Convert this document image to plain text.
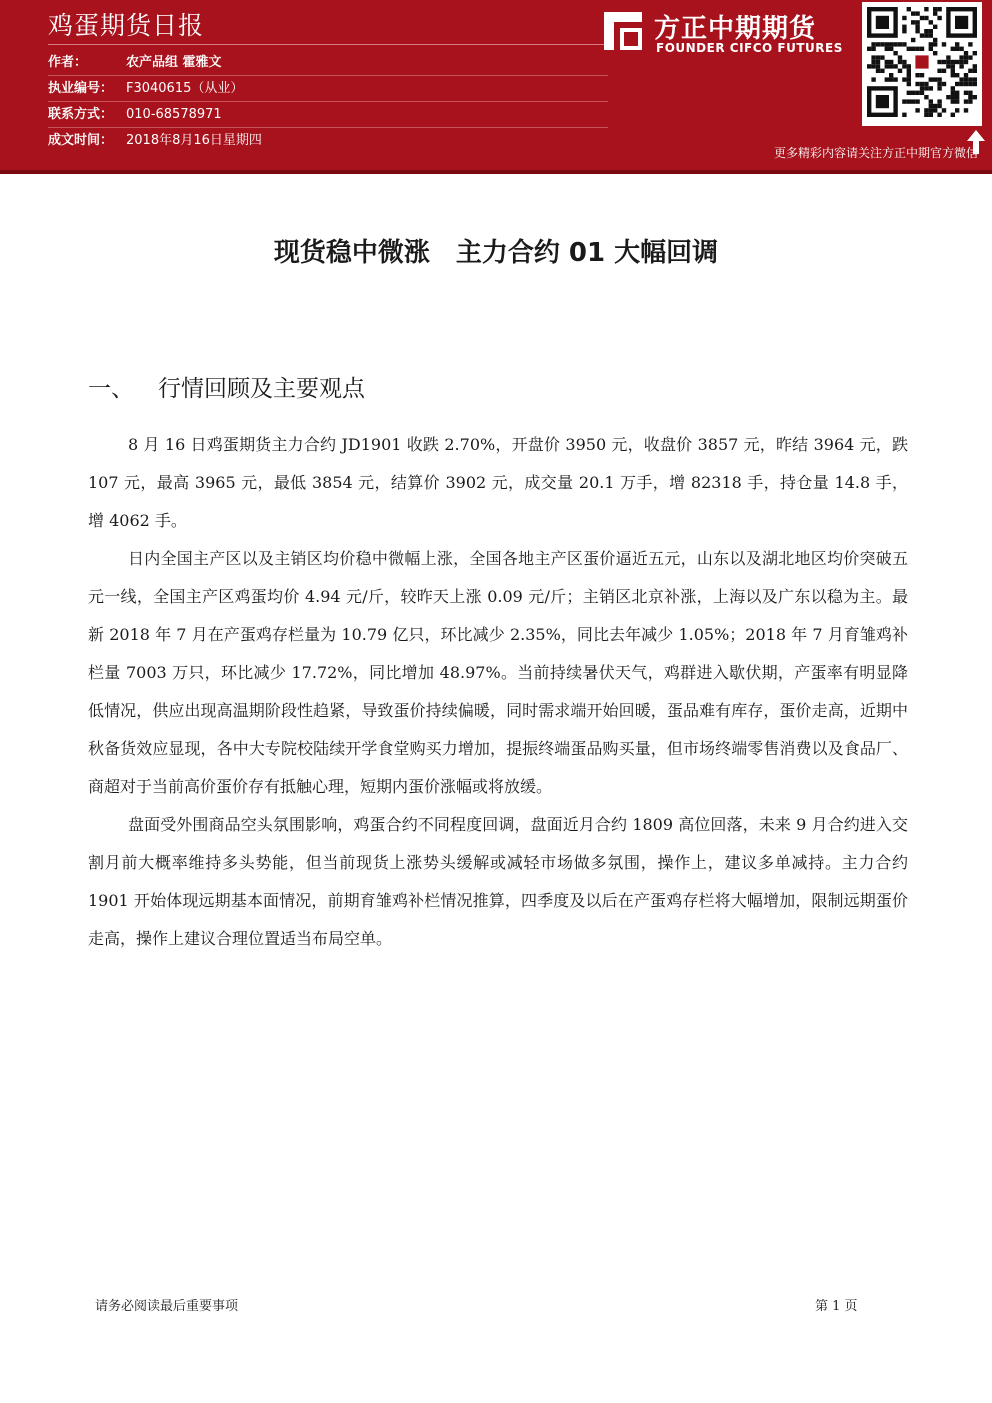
鸡蛋期货日报
作者：	农产品组 霍雅文
执业编号： F3040615（从业）
联系方式： 010-68578971
成文时间： 2018年8月16日星期四
方正中期期货
FOUNDER CIFCO FUTURES
更多精彩内容请关注方正中期官方微信
现货稳中微涨　主力合约 01 大幅回调
一、 行情回顾及主要观点

8 月 16 日鸡蛋期货主力合约 JD1901 收跌 2.70%，开盘价 3950 元，收盘价 3857 元，昨结 3964 元，跌 107 元，最高 3965 元，最低 3854 元，结算价 3902 元，成交量 20.1 万手，增 82318 手，持仓量 14.8 手，增 4062 手。

日内全国主产区以及主销区均价稳中微幅上涨，全国各地主产区蛋价逼近五元，山东以及湖北地区均价突破五元一线，全国主产区鸡蛋均价 4.94 元/斤，较昨天上涨 0.09 元/斤；主销区北京补涨，上海以及广东以稳为主。最新 2018 年 7 月在产蛋鸡存栏量为 10.79 亿只，环比减少 2.35%，同比去年减少 1.05%；2018 年 7 月育雏鸡补栏量 7003 万只，环比减少 17.72%，同比增加 48.97%。当前持续暑伏天气，鸡群进入歇伏期，产蛋率有明显降低情况，供应出现高温期阶段性趋紧，导致蛋价持续偏暖，同时需求端开始回暖，蛋品难有库存，蛋价走高，近期中秋备货效应显现，各中大专院校陆续开学食堂购买力增加，提振终端蛋品购买量，但市场终端零售消费以及食品厂、商超对于当前高价蛋价存有抵触心理，短期内蛋价涨幅或将放缓。

盘面受外围商品空头氛围影响，鸡蛋合约不同程度回调，盘面近月合约 1809 高位回落，未来 9 月合约进入交割月前大概率维持多头势能，但当前现货上涨势头缓解或减轻市场做多氛围，操作上，建议多单减持。主力合约 1901 开始体现远期基本面情况，前期育雏鸡补栏情况推算，四季度及以后在产蛋鸡存栏将大幅增加，限制远期蛋价走高，操作上建议合理位置适当布局空单。

请务必阅读最后重要事项	第 1 页
